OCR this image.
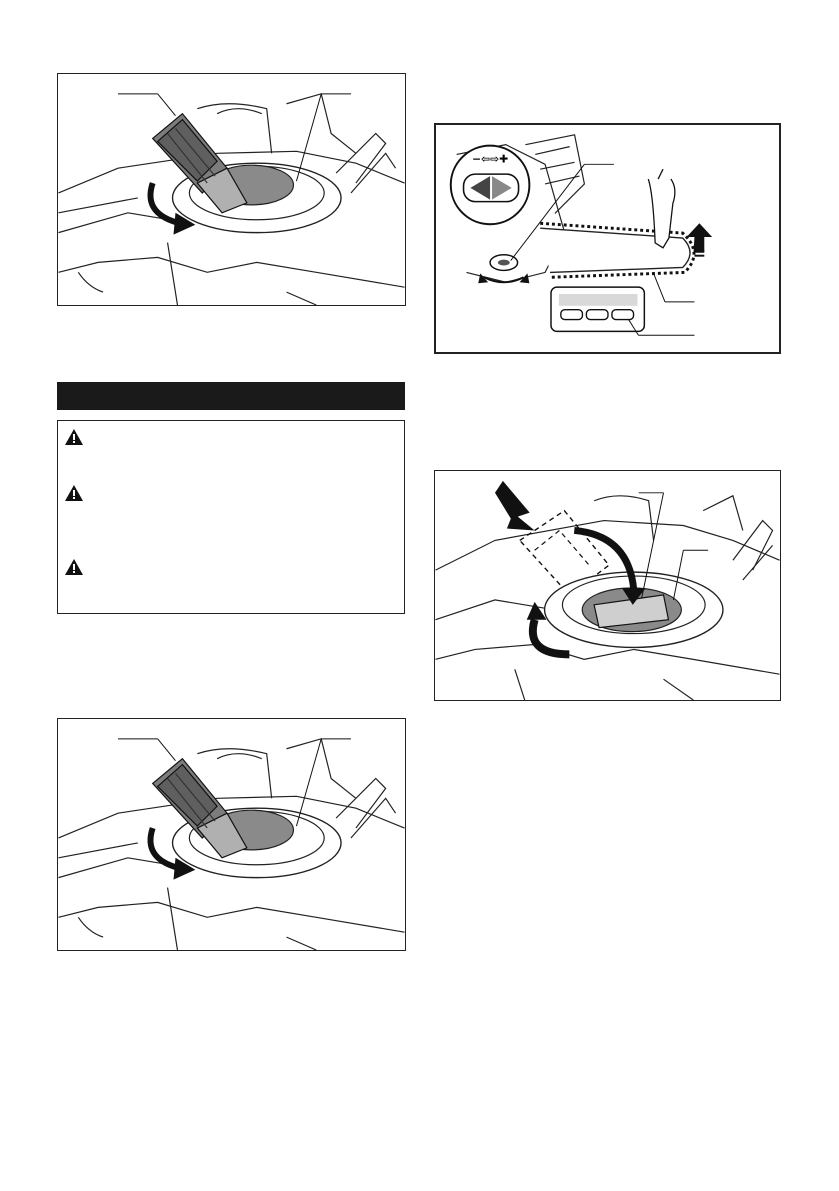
−⇦⇨✚
